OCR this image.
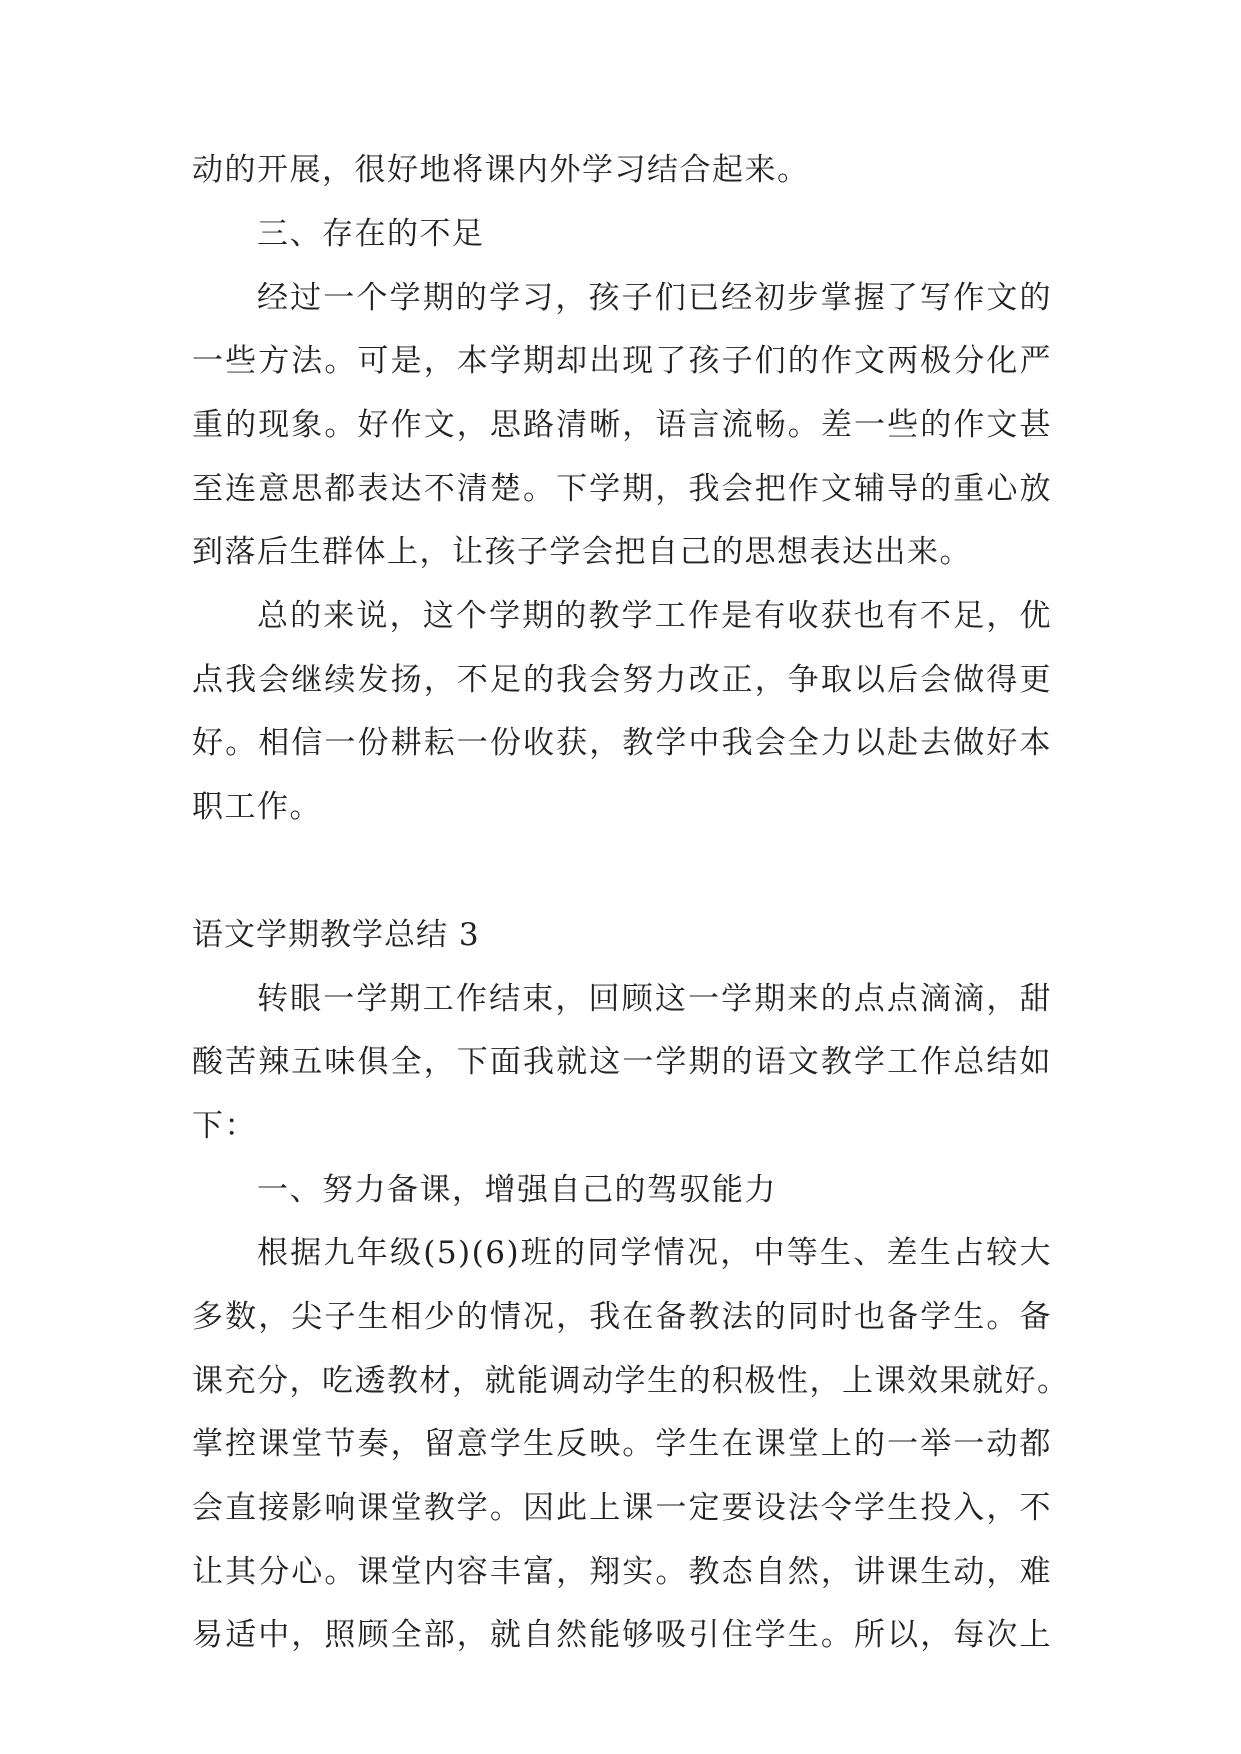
动的开展，很好地将课内外学习结合起来。
三、存在的不足
经过一个学期的学习，孩子们已经初步掌握了写作文的
一些方法。可是，本学期却出现了孩子们的作文两极分化严
重的现象。好作文，思路清晰，语言流畅。差一些的作文甚
至连意思都表达不清楚。下学期，我会把作文辅导的重心放
到落后生群体上，让孩子学会把自己的思想表达出来。
总的来说，这个学期的教学工作是有收获也有不足，优
点我会继续发扬，不足的我会努力改正，争取以后会做得更
好。相信一份耕耘一份收获，教学中我会全力以赴去做好本
职工作。
语文学期教学总结 3
转眼一学期工作结束，回顾这一学期来的点点滴滴，甜
酸苦辣五味俱全，下面我就这一学期的语文教学工作总结如
下：
一、努力备课，增强自己的驾驭能力
根据九年级(5)(6)班的同学情况，中等生、差生占较大
多数，尖子生相少的情况，我在备教法的同时也备学生。备
课充分，吃透教材，就能调动学生的积极性，上课效果就好。
掌控课堂节奏，留意学生反映。学生在课堂上的一举一动都
会直接影响课堂教学。因此上课一定要设法令学生投入，不
让其分心。课堂内容丰富，翔实。教态自然，讲课生动，难
易适中，照顾全部，就自然能够吸引住学生。所以，每次上
